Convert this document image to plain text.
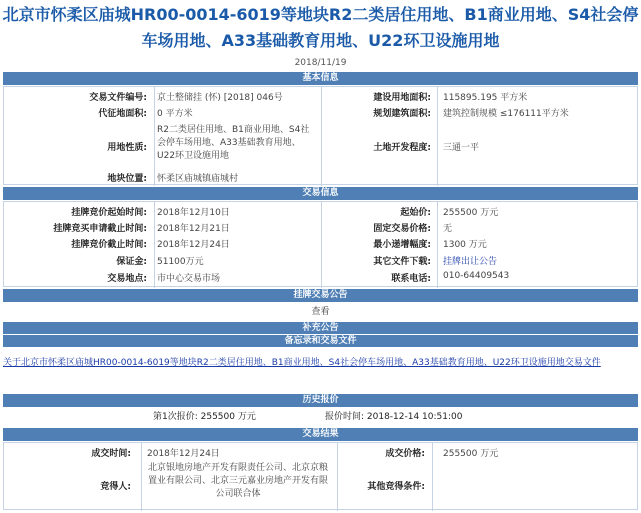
北京市怀柔区庙城HR00-0014-6019等地块R2二类居住用地、B1商业用地、S4社会停车场用地、A33基础教育用地、U22环卫设施用地
2018/11/19
基本信息
交易文件编号: 京土整储挂 (怀) [2018] 046号	建设用地面积: 115895.195 平方米
代征地面积: 0 平方米	规划建筑面积: 建筑控制规模 ≤176111平方米
用地性质:
R2二类居住用地、B1商业用地、S4社会停车场用地、A33基础教育用地、U22环卫设施用地
土地开发程度: 三通一平
地块位置: 怀柔区庙城镇庙城村
交易信息
挂牌竞价起始时间: 2018年12月10日	起始价: 255500 万元
挂牌竞买申请截止时间: 2018年12月21日	固定交易价格: 无
挂牌竞价截止时间: 2018年12月24日	最小递增幅度: 1300 万元
保证金: 51100万元	其它文件下载: 挂牌出让公告
交易地点: 市中心交易市场	联系电话: 010-64409543
挂牌交易公告
查看
补充公告
备忘录和交易文件
关于北京市怀柔区庙城HR00-0014-6019等地块R2二类居住用地、B1商业用地、S4社会停车场用地、A33基础教育用地、U22环卫设施用地交易文件
历史报价
第1次报价: 255500 万元	报价时间: 2018-12-14 10:51:00
交易结果
成交时间: 2018年12月24日	成交价格: 255500 万元
竞得人:
北京银地房地产开发有限责任公司、北京京粮置业有限公司、北京三元嘉业房地产开发有限公司联合体
其他竞得条件:
